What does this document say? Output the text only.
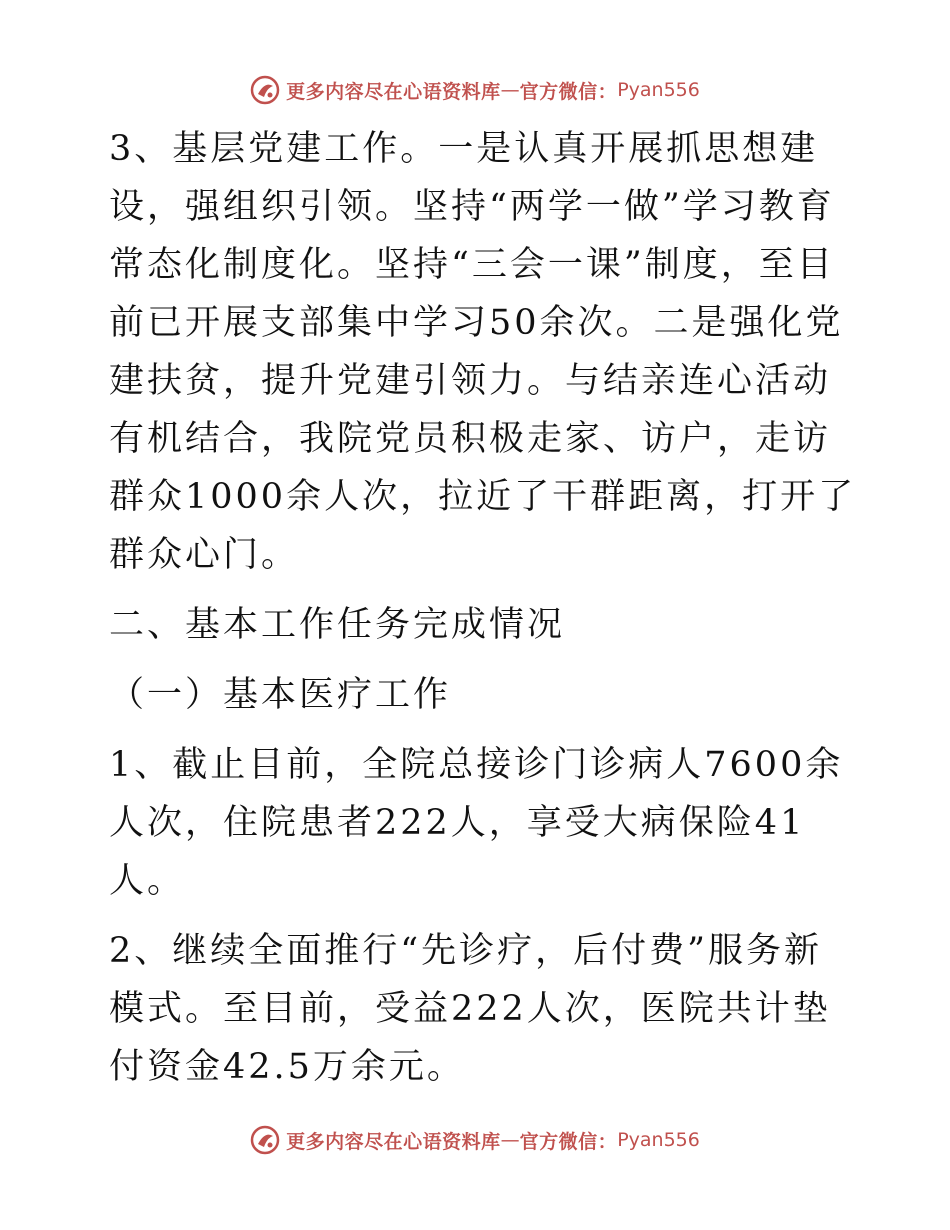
更多内容尽在心语资料库 — 官方微信： Pyan556

3、基层党建工作。一是认真开展抓思想建设，强组织引领。坚持“两学一做”学习教育常态化制度化。坚持“三会一课”制度，至目前已开展支部集中学习50余次。二是强化党建扶贫，提升党建引领力。与结亲连心活动有机结合，我院党员积极走家、访户，走访群众1000余人次，拉近了干群距离，打开了群众心门。

二、基本工作任务完成情况

（一）基本医疗工作

1、截止目前，全院总接诊门诊病人7600余人次，住院患者222人，享受大病保险41人。

2、继续全面推行“先诊疗，后付费”服务新模式。至目前，受益222人次，医院共计垫付资金42.5万余元。

更多内容尽在心语资料库 — 官方微信： Pyan556
